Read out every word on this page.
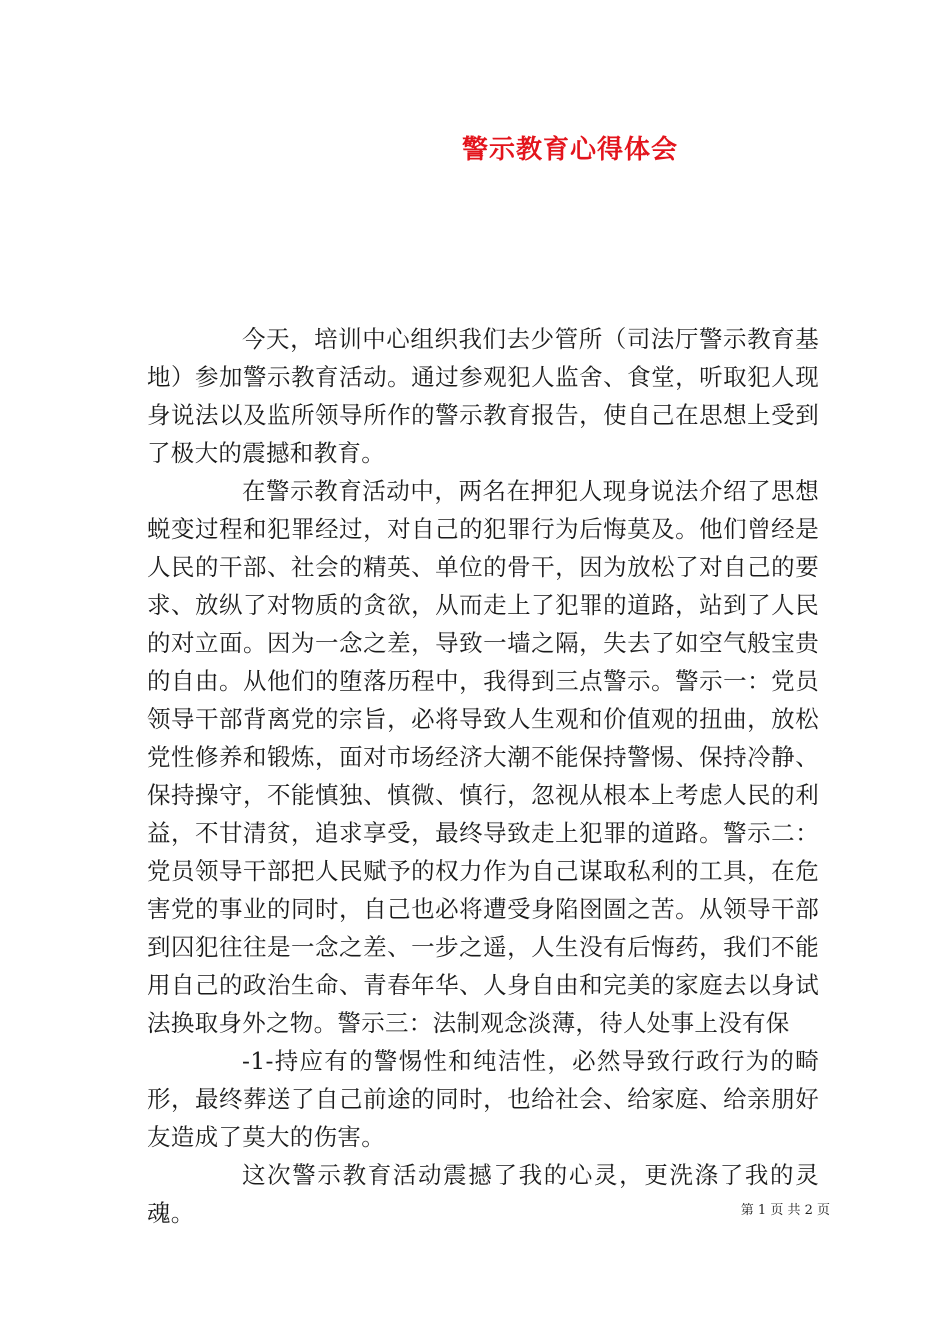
警示教育心得体会

今天，培训中心组织我们去少管所（司法厅警示教育基地）参加警示教育活动。通过参观犯人监舍、食堂，听取犯人现身说法以及监所领导所作的警示教育报告，使自己在思想上受到了极大的震撼和教育。

在警示教育活动中，两名在押犯人现身说法介绍了思想蜕变过程和犯罪经过，对自己的犯罪行为后悔莫及。他们曾经是人民的干部、社会的精英、单位的骨干，因为放松了对自己的要求、放纵了对物质的贪欲，从而走上了犯罪的道路，站到了人民的对立面。因为一念之差，导致一墙之隔，失去了如空气般宝贵的自由。从他们的堕落历程中，我得到三点警示。警示一：党员领导干部背离党的宗旨，必将导致人生观和价值观的扭曲，放松党性修养和锻炼，面对市场经济大潮不能保持警惕、保持冷静、保持操守，不能慎独、慎微、慎行，忽视从根本上考虑人民的利益，不甘清贫，追求享受，最终导致走上犯罪的道路。警示二：党员领导干部把人民赋予的权力作为自己谋取私利的工具，在危害党的事业的同时，自己也必将遭受身陷囹圄之苦。从领导干部到囚犯往往是一念之差、一步之遥，人生没有后悔药，我们不能用自己的政治生命、青春年华、人身自由和完美的家庭去以身试法换取身外之物。警示三：法制观念淡薄，待人处事上没有保

-1-持应有的警惕性和纯洁性，必然导致行政行为的畸形，最终葬送了自己前途的同时，也给社会、给家庭、给亲朋好友造成了莫大的伤害。

这次警示教育活动震撼了我的心灵，更洗涤了我的灵魂。	第 1 页 共 2 页
